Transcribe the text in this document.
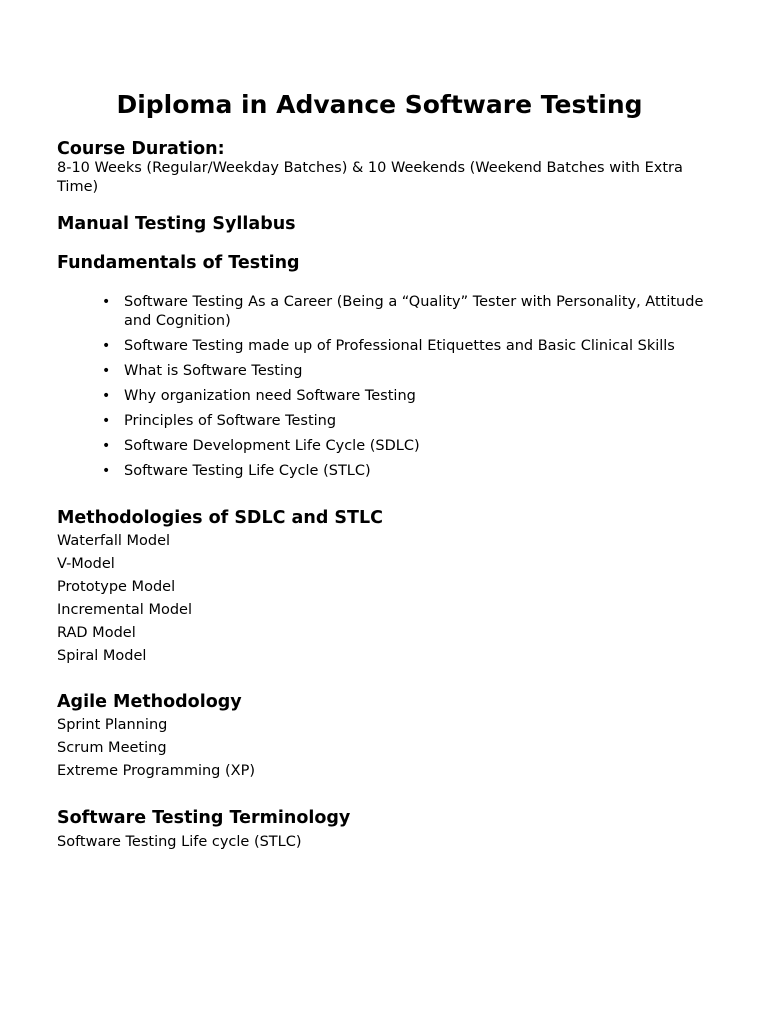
Diploma in Advance Software Testing
Course Duration:

8-10 Weeks (Regular/Weekday Batches) & 10 Weekends (Weekend Batches with Extra Time)

Manual Testing Syllabus
Fundamentals of Testing
• Software Testing As a Career (Being a “Quality” Tester with Personality, Attitude and Cognition)
• Software Testing made up of Professional Etiquettes and Basic Clinical Skills
• What is Software Testing
• Why organization need Software Testing
• Principles of Software Testing
• Software Development Life Cycle (SDLC)
• Software Testing Life Cycle (STLC)
Methodologies of SDLC and STLC
Waterfall Model
V-Model
Prototype Model
Incremental Model
RAD Model
Spiral Model
Agile Methodology
Sprint Planning
Scrum Meeting
Extreme Programming (XP)
Software Testing Terminology
Software Testing Life cycle (STLC)
